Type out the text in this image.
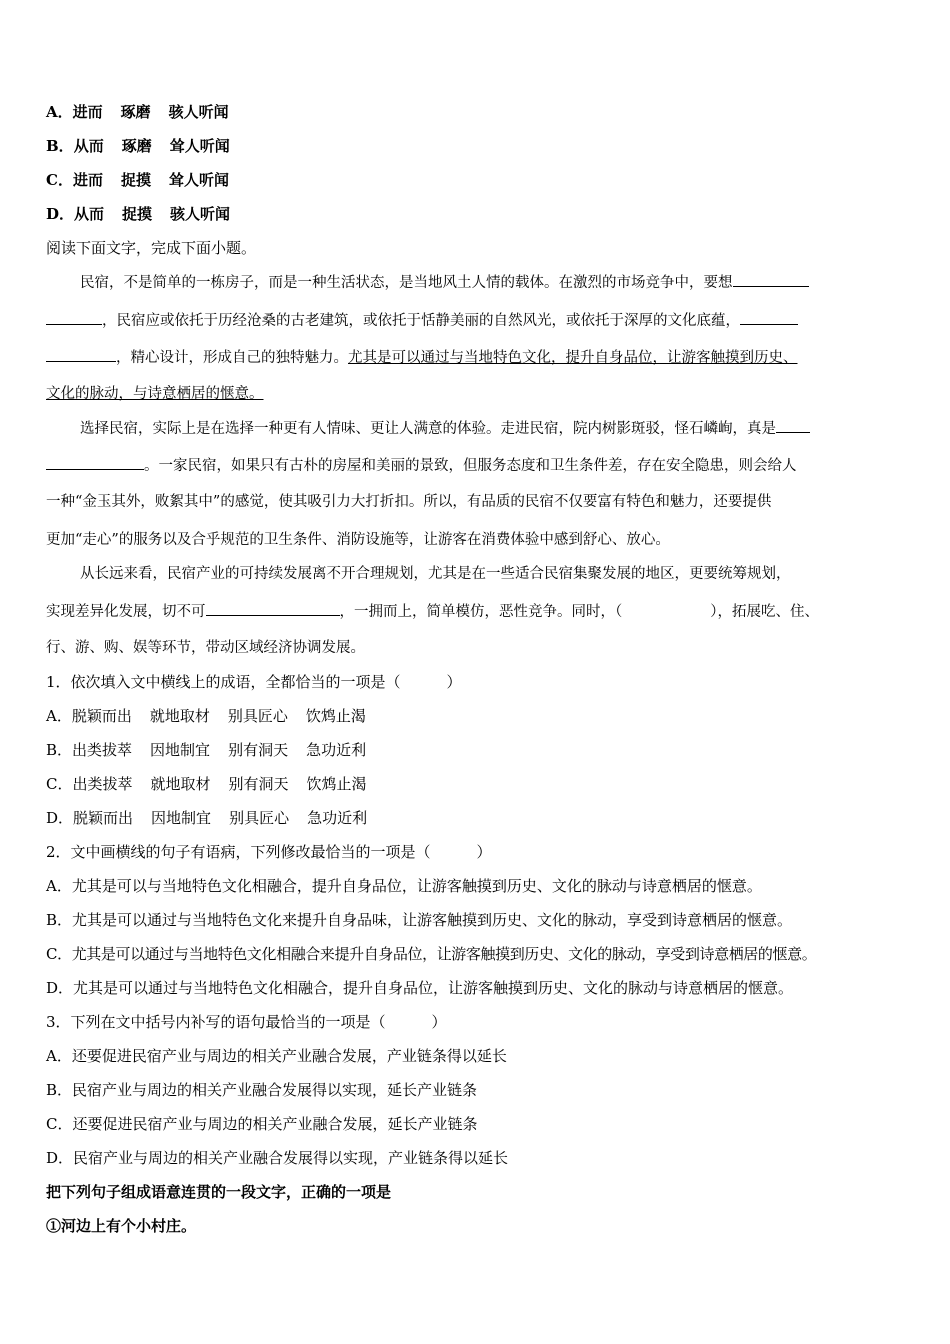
A．进而 琢磨 骇人听闻
B．从而 琢磨 耸人听闻
C．进而 捉摸 耸人听闻
D．从而 捉摸 骇人听闻
阅读下面文字，完成下面小题。
民宿，不是简单的一栋房子，而是一种生活状态，是当地风土人情的载体。在激烈的市场竞争中，要想
，民宿应或依托于历经沧桑的古老建筑，或依托于恬静美丽的自然风光，或依托于深厚的文化底蕴，
，精心设计，形成自己的独特魅力。尤其是可以通过与当地特色文化，提升自身品位，让游客触摸到历史、
文化的脉动，与诗意栖居的惬意。
选择民宿，实际上是在选择一种更有人情味、更让人满意的体验。走进民宿，院内树影斑驳，怪石嶙峋，真是
。一家民宿，如果只有古朴的房屋和美丽的景致，但服务态度和卫生条件差，存在安全隐患，则会给人
一种“金玉其外，败絮其中”的感觉，使其吸引力大打折扣。所以，有品质的民宿不仅要富有特色和魅力，还要提供
更加“走心”的服务以及合乎规范的卫生条件、消防设施等，让游客在消费体验中感到舒心、放心。
从长远来看，民宿产业的可持续发展离不开合理规划，尤其是在一些适合民宿集聚发展的地区，更要统筹规划，
实现差异化发展，切不可	，一拥而上，简单模仿，恶性竞争。同时，（	），拓展吃、住、
行、游、购、娱等环节，带动区域经济协调发展。
1．依次填入文中横线上的成语，全都恰当的一项是（	）
A．脱颖而出 就地取材 别具匠心 饮鸩止渴
B．出类拔萃 因地制宜 别有洞天 急功近利
C．出类拔萃 就地取材 别有洞天 饮鸩止渴
D．脱颖而出 因地制宜 别具匠心 急功近利
2．文中画横线的句子有语病，下列修改最恰当的一项是（	）
A．尤其是可以与当地特色文化相融合，提升自身品位，让游客触摸到历史、文化的脉动与诗意栖居的惬意。
B．尤其是可以通过与当地特色文化来提升自身品味，让游客触摸到历史、文化的脉动，享受到诗意栖居的惬意。
C．尤其是可以通过与当地特色文化相融合来提升自身品位，让游客触摸到历史、文化的脉动，享受到诗意栖居的惬意。
D．尤其是可以通过与当地特色文化相融合，提升自身品位，让游客触摸到历史、文化的脉动与诗意栖居的惬意。
3．下列在文中括号内补写的语句最恰当的一项是（	）
A．还要促进民宿产业与周边的相关产业融合发展，产业链条得以延长
B．民宿产业与周边的相关产业融合发展得以实现，延长产业链条
C．还要促进民宿产业与周边的相关产业融合发展，延长产业链条
D．民宿产业与周边的相关产业融合发展得以实现，产业链条得以延长
把下列句子组成语意连贯的一段文字，正确的一项是
①河边上有个小村庄。
